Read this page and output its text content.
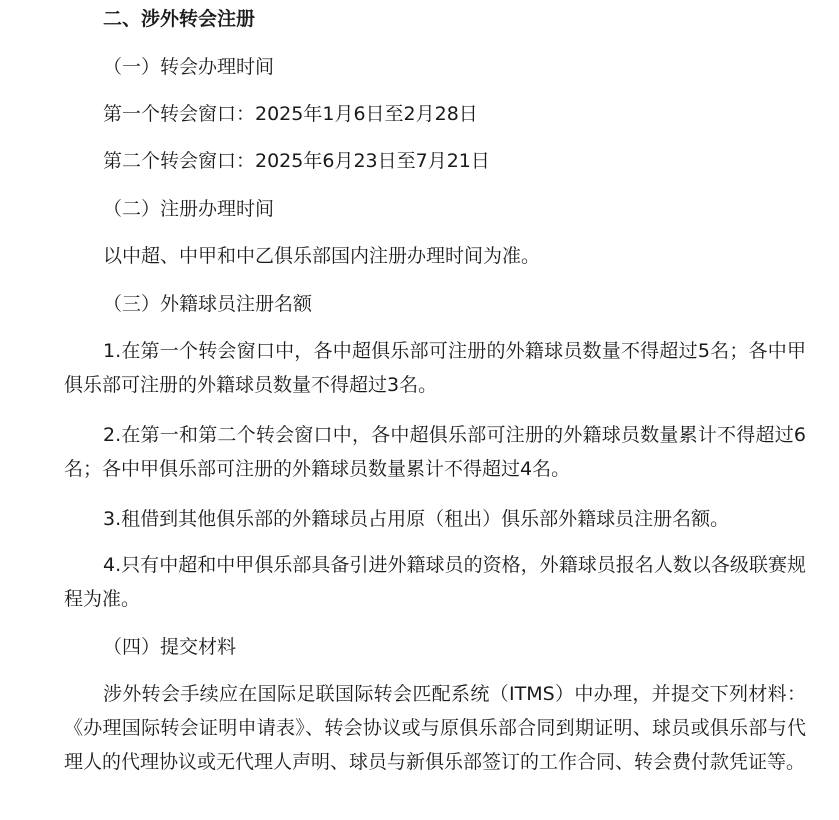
二、涉外转会注册
（一）转会办理时间
第一个转会窗口：2025年1月6日至2月28日
第二个转会窗口：2025年6月23日至7月21日
（二）注册办理时间
以中超、中甲和中乙俱乐部国内注册办理时间为准。
（三）外籍球员注册名额
1.在第一个转会窗口中，各中超俱乐部可注册的外籍球员数量不得超过5名；各中甲俱乐部可注册的外籍球员数量不得超过3名。
2.在第一和第二个转会窗口中，各中超俱乐部可注册的外籍球员数量累计不得超过6名；各中甲俱乐部可注册的外籍球员数量累计不得超过4名。
3.租借到其他俱乐部的外籍球员占用原（租出）俱乐部外籍球员注册名额。
4.只有中超和中甲俱乐部具备引进外籍球员的资格，外籍球员报名人数以各级联赛规程为准。
（四）提交材料
涉外转会手续应在国际足联国际转会匹配系统（ITMS）中办理，并提交下列材料：《办理国际转会证明申请表》、转会协议或与原俱乐部合同到期证明、球员或俱乐部与代理人的代理协议或无代理人声明、球员与新俱乐部签订的工作合同、转会费付款凭证等。
